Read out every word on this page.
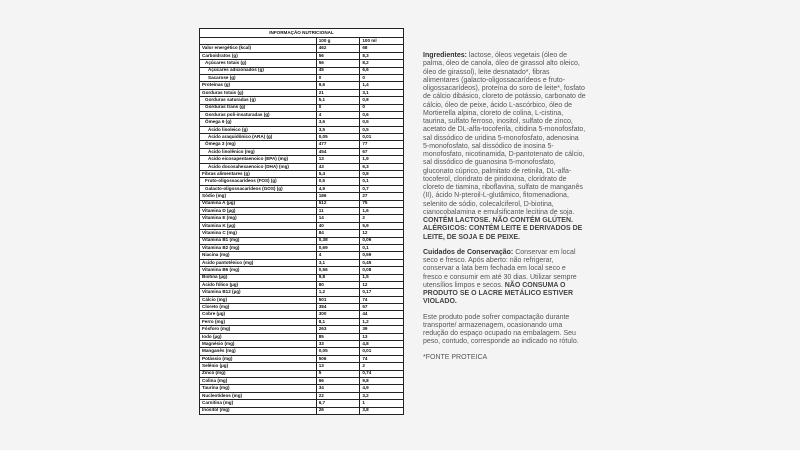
INFORMAÇÃO NUTRICIONAL		
	100 g	100 ml
Valor energético (kcal)	462	68
Carboidratos (g)	56	8,3
Açúcares totais (g)	56	8,2
Açúcares adicionados (g)	45	6,6
Sacarose (g)	0	0
Proteínas (g)	9,6	1,4
Gorduras totais (g)	21	3,1
Gorduras saturadas (g)	5,1	0,8
Gorduras trans (g)	0	0
Gorduras poli-insaturadas (g)	4	0,6
Ômega 6 (g)	3,6	0,5
Ácido linoleico (g)	3,5	0,5
Ácido araquidônico (ARA) (g)	0,05	0,01
Ômega 3 (mg)	477	77
Ácido linolênico (mg)	454	67
Ácido eicosapentaenoico (EPA) (mg)	13	1,9
Ácido docosahexaenoico (DHA) (mg)	43	6,3
Fibras alimentares (g)	5,4	0,8
Fruto-oligossacarídeos (FOS) (g)	0,5	0,1
Galacto-oligossacarídeos (GOS) (g)	4,9	0,7
Sódio (mg)	186	27
Vitamina A (µg)	512	75
Vitamina D (µg)	11	1,6
Vitamina E (mg)	14	2
Vitamina K (µg)	40	5,9
Vitamina C (mg)	84	12
Vitamina B1 (mg)	0,38	0,06
Vitamina B2 (mg)	0,69	0,1
Niacina (mg)	4	0,59
Ácido pantotênico (mg)	3,1	0,45
Vitamina B6 (mg)	0,56	0,08
Biotina (µg)	9,8	1,5
Ácido fólico (µg)	80	12
Vitamina B12 (µg)	1,2	0,17
Cálcio (mg)	501	74
Cloreto (mg)	384	57
Cobre (µg)	300	44
Ferro (mg)	8,1	1,2
Fósforo (mg)	263	39
Iodo (µg)	85	13
Magnésio (mg)	33	4,8
Manganês (mg)	0,05	0,01
Potássio (mg)	506	74
Selênio (µg)	13	2
Zinco (mg)	5	0,74
Colina (mg)	66	9,8
Taurina (mg)	34	4,9
Nucleotídeos (mg)	22	3,2
Carnitina (mg)	6,7	1
Inositol (mg)	26	3,8

Ingredientes: lactose, óleos vegetais (óleo de palma, óleo de canola, óleo de girassol alto oleico, óleo de girassol), leite desnatado*, fibras alimentares (galacto-oligossacarídeos e fruto-oligossacarídeos), proteína do soro de leite*, fosfato de cálcio dibásico, cloreto de potássio, carbonato de cálcio, óleo de peixe, ácido L-ascórbico, óleo de Mortierella alpina, cloreto de colina, L-cistina, taurina, sulfato ferroso, inositol, sulfato de zinco, acetato de DL-alfa-tocoferila, citidina 5-monofosfato, sal dissódico de uridina 5-monofosfato, adenosina 5-monofosfato, sal dissódico de inosina 5-monofosfato, nicotinamida, D-pantotenato de cálcio, sal dissódico de guanosina 5-monofosfato, gluconato cúprico, palmitato de retinila, DL-alfa-tocoferol, cloridrato de piridoxina, cloridrato de cloreto de tiamina, riboflavina, sulfato de manganês (II), ácido N-pteroil-L-glutâmico, fitomenadiona, selenito de sódio, colecalciferol, D-biotina, cianocobalamina e emulsificante lecitina de soja. CONTÉM LACTOSE. NÃO CONTÉM GLÚTEN. ALÉRGICOS: CONTÉM LEITE E DERIVADOS DE LEITE, DE SOJA E DE PEIXE.

Cuidados de Conservação: Conservar em local seco e fresco. Após aberto: não refrigerar, conservar a lata bem fechada em local seco e fresco e consumir em até 30 dias. Utilizar sempre utensílios limpos e secos. NÃO CONSUMA O PRODUTO SE O LACRE METÁLICO ESTIVER VIOLADO.

Este produto pode sofrer compactação durante transporte/ armazenagem, ocasionando uma redução do espaço ocupado na embalagem. Seu peso, contudo, corresponde ao indicado no rótulo.

*FONTE PROTEICA
